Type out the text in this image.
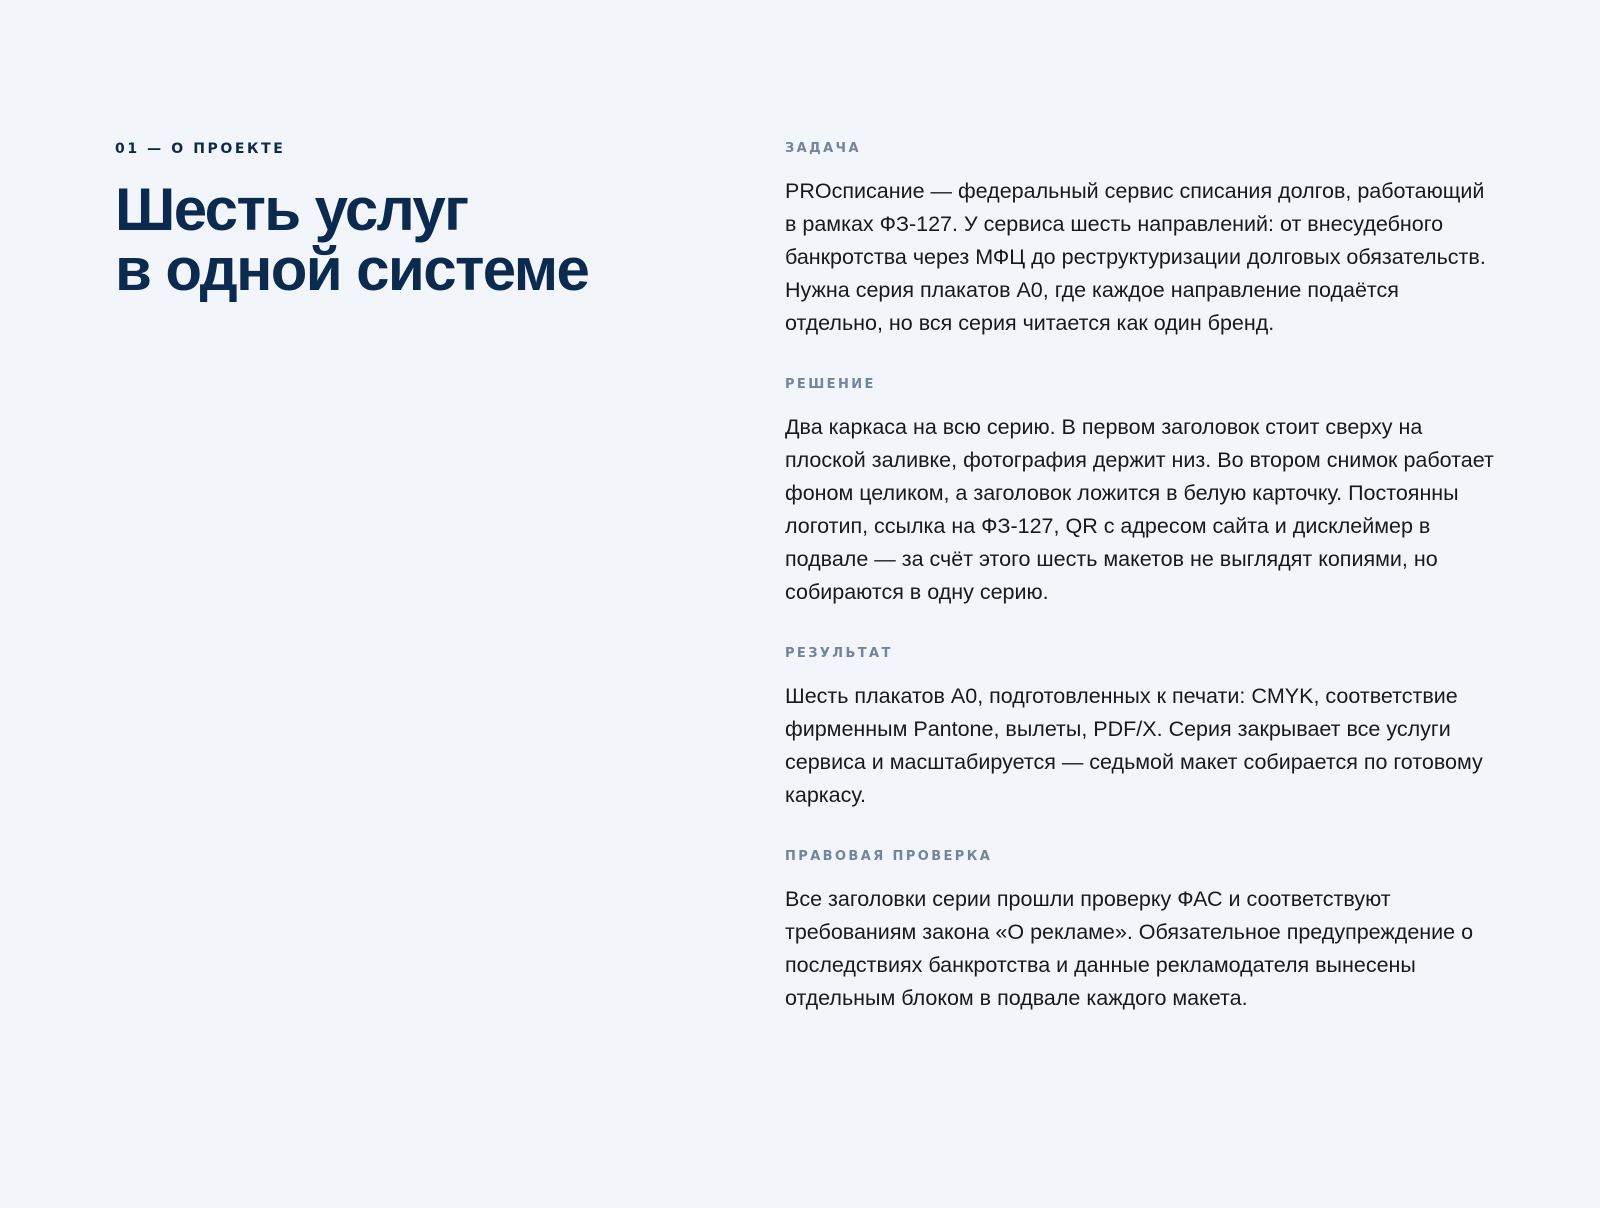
01 — О ПРОЕКТЕ

Шесть услуг
в одной системе

ЗАДАЧА

PROсписание — федеральный сервис списания долгов, работающий в рамках ФЗ-127. У сервиса шесть направлений: от внесудебного банкротства через МФЦ до реструктуризации долговых обязательств. Нужна серия плакатов А0, где каждое направление подаётся отдельно, но вся серия читается как один бренд.

РЕШЕНИЕ

Два каркаса на всю серию. В первом заголовок стоит сверху на плоской заливке, фотография держит низ. Во втором снимок работает фоном целиком, а заголовок ложится в белую карточку. Постоянны логотип, ссылка на ФЗ-127, QR с адресом сайта и дисклеймер в подвале — за счёт этого шесть макетов не выглядят копиями, но собираются в одну серию.

РЕЗУЛЬТАТ

Шесть плакатов А0, подготовленных к печати: CMYK, соответствие фирменным Pantone, вылеты, PDF/X. Серия закрывает все услуги сервиса и масштабируется — седьмой макет собирается по готовому каркасу.

ПРАВОВАЯ ПРОВЕРКА

Все заголовки серии прошли проверку ФАС и соответствуют требованиям закона «О рекламе». Обязательное предупреждение о последствиях банкротства и данные рекламодателя вынесены отдельным блоком в подвале каждого макета.
